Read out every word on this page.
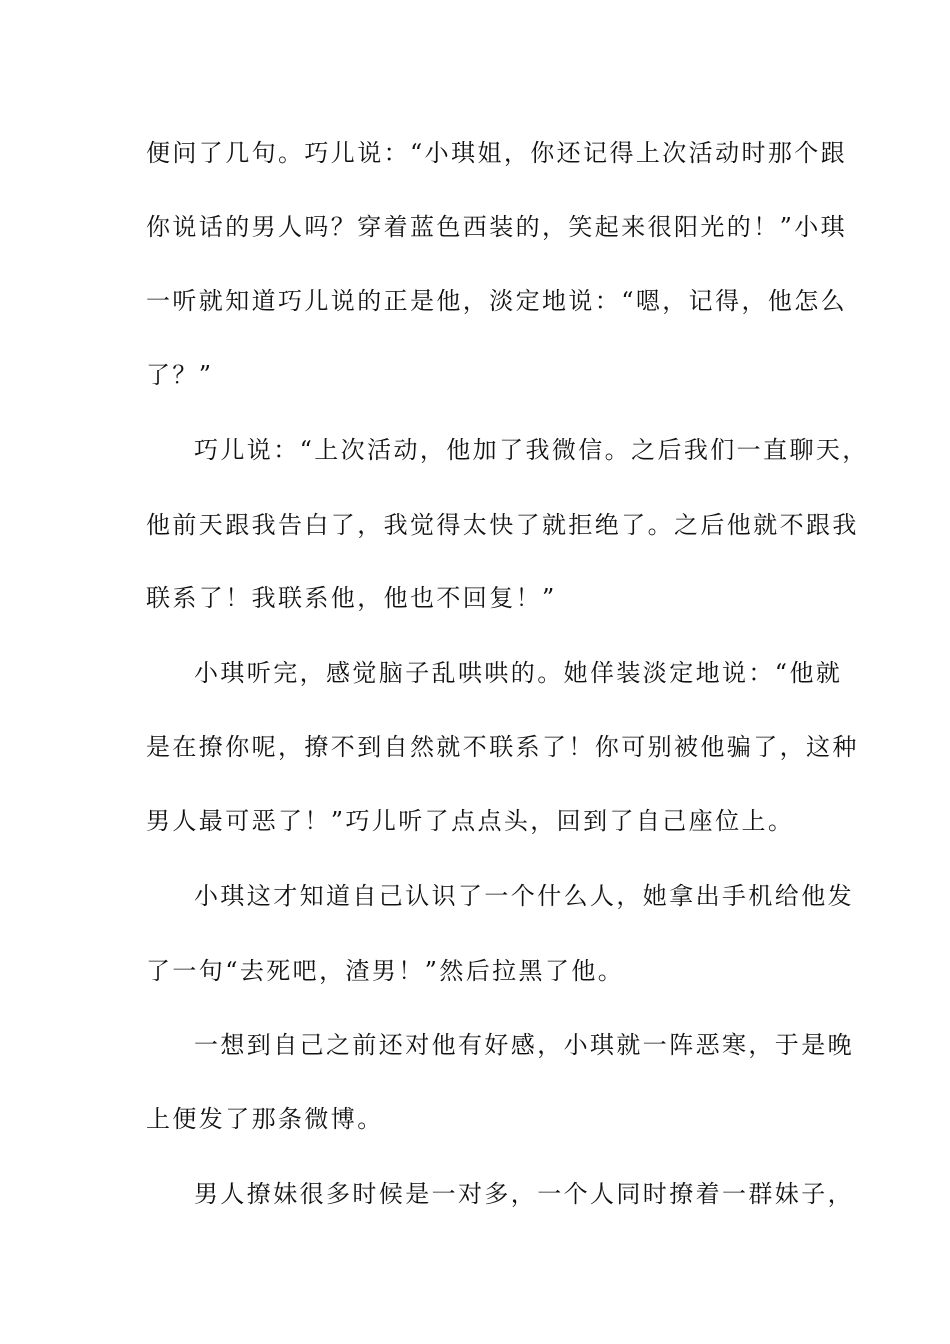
便问了几句。巧儿说：“小琪姐，你还记得上次活动时那个跟
你说话的男人吗？穿着蓝色西装的，笑起来很阳光的！”小琪
一听就知道巧儿说的正是他，淡定地说：“嗯，记得，他怎么
了？”
巧儿说：“上次活动，他加了我微信。之后我们一直聊天，
他前天跟我告白了，我觉得太快了就拒绝了。之后他就不跟我
联系了！我联系他，他也不回复！”
小琪听完，感觉脑子乱哄哄的。她佯装淡定地说：“他就
是在撩你呢，撩不到自然就不联系了！你可别被他骗了，这种
男人最可恶了！”巧儿听了点点头，回到了自己座位上。
小琪这才知道自己认识了一个什么人，她拿出手机给他发
了一句“去死吧，渣男！”然后拉黑了他。
一想到自己之前还对他有好感，小琪就一阵恶寒，于是晚
上便发了那条微博。
男人撩妹很多时候是一对多，一个人同时撩着一群妹子，
